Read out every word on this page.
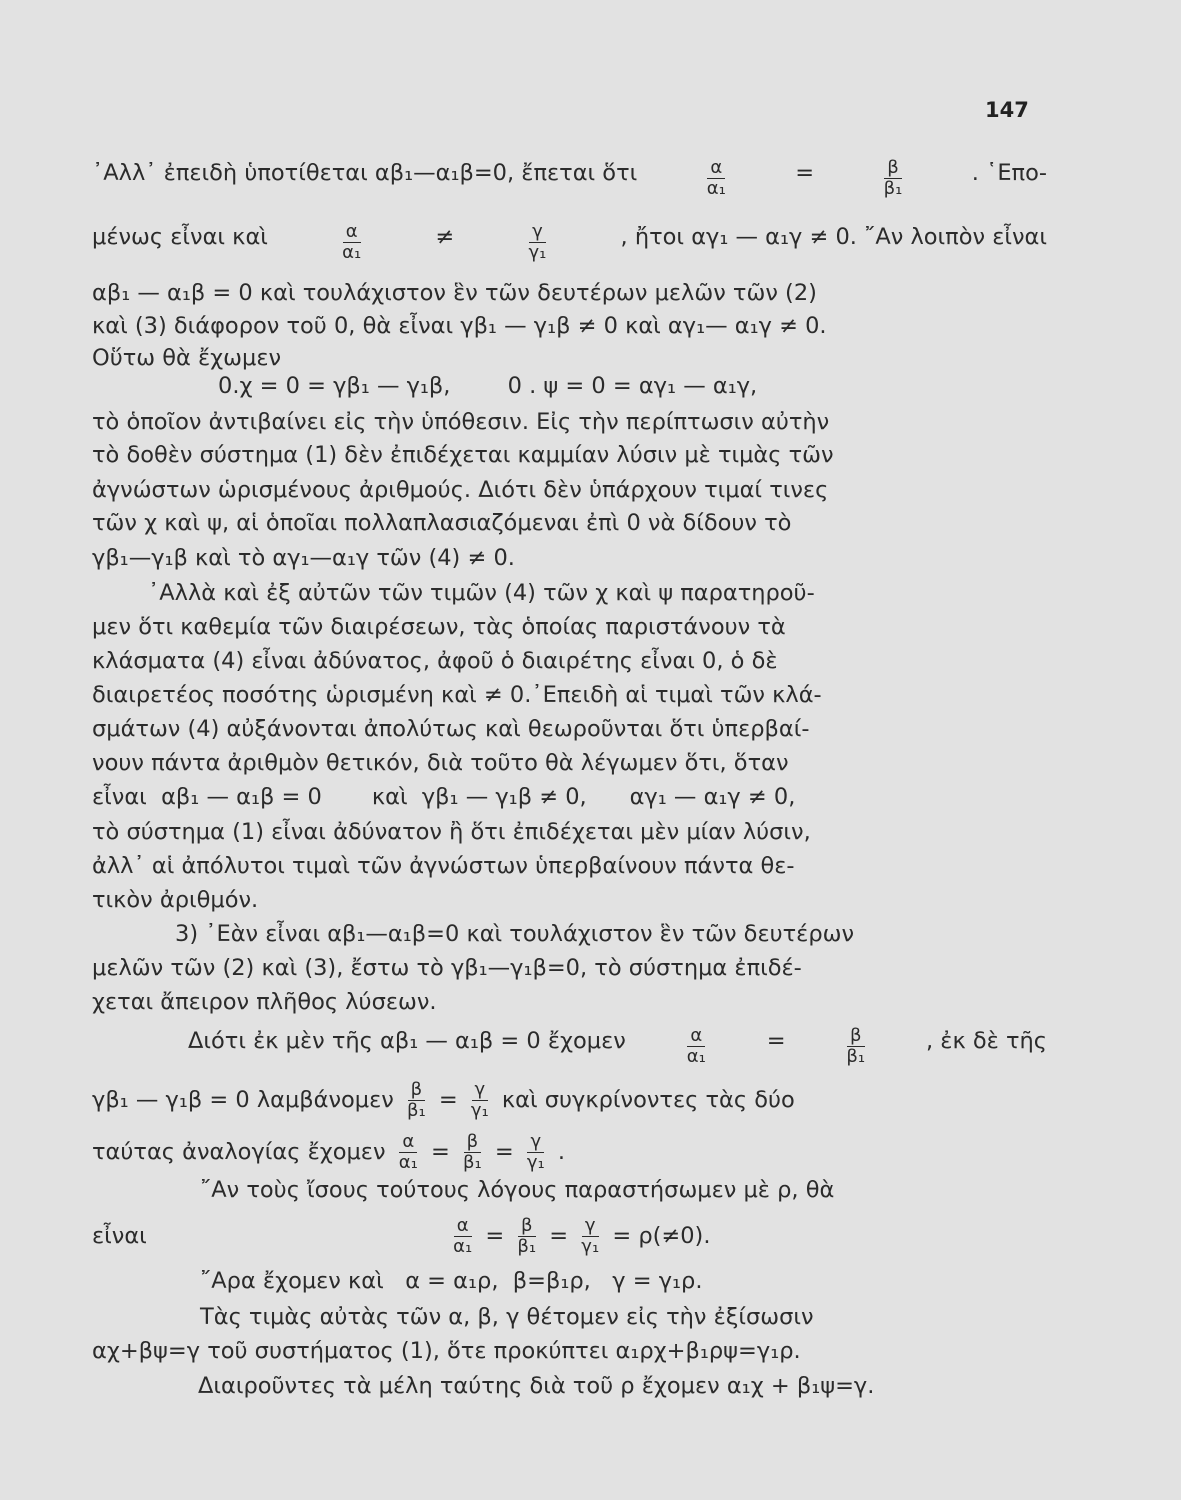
147
᾿Αλλ᾿ ἐπειδὴ ὑποτίθεται αβ₁—α₁β=0, ἔπεται ὅτι	$\frac{\alpha}{\text{α₁}}$	=	$\frac{\beta}{\text{β₁}}$	. ῾Επο-
μένως εἶναι καὶ	$\frac{\alpha}{\text{α₁}}$	≠	$\frac{\gamma}{\text{γ₁}}$	, ἤτοι αγ₁ — α₁γ ≠ 0. ῎Αν λοιπὸν εἶναι
αβ₁ — α₁β = 0 καὶ τουλάχιστον ἓν τῶν δευτέρων μελῶν τῶν (2)
καὶ (3) διάφορον τοῦ 0, θὰ εἶναι γβ₁ — γ₁β ≠ 0 καὶ αγ₁— α₁γ ≠ 0.
Οὕτω θὰ ἔχωμεν
0.χ = 0 = γβ₁ — γ₁β,        0 . ψ = 0 = αγ₁ — α₁γ,
τὸ ὁποῖον ἀντιβαίνει εἰς τὴν ὑπόθεσιν. Εἰς τὴν περίπτωσιν αὐτὴν
τὸ δοθὲν σύστημα (1) δὲν ἐπιδέχεται καμμίαν λύσιν μὲ τιμὰς τῶν
ἀγνώστων ὡρισμένους ἀριθμούς. Διότι δὲν ὑπάρχουν τιμαί τινες
τῶν χ καὶ ψ, αἱ ὁποῖαι πολλαπλασιαζόμεναι ἐπὶ 0 νὰ δίδουν τὸ
γβ₁—γ₁β καὶ τὸ αγ₁—α₁γ τῶν (4) ≠ 0.
᾿Αλλὰ καὶ ἐξ αὐτῶν τῶν τιμῶν (4) τῶν χ καὶ ψ παρατηροῦ-
μεν ὅτι καθεμία τῶν διαιρέσεων, τὰς ὁποίας παριστάνουν τὰ
κλάσματα (4) εἶναι ἀδύνατος, ἀφοῦ ὁ διαιρέτης εἶναι 0, ὁ δὲ
διαιρετέος ποσότης ὡρισμένη καὶ ≠ 0.᾿Επειδὴ αἱ τιμαὶ τῶν κλά-
σμάτων (4) αὐξάνονται ἀπολύτως καὶ θεωροῦνται ὅτι ὑπερβαί-
νουν πάντα ἀριθμὸν θετικόν, διὰ τοῦτο θὰ λέγωμεν ὅτι, ὅταν
εἶναι  αβ₁ — α₁β = 0       καὶ  γβ₁ — γ₁β ≠ 0,      αγ₁ — α₁γ ≠ 0,
τὸ σύστημα (1) εἶναι ἀδύνατον ἢ ὅτι ἐπιδέχεται μὲν μίαν λύσιν,
ἀλλ᾿ αἱ ἀπόλυτοι τιμαὶ τῶν ἀγνώστων ὑπερβαίνουν πάντα θε-
τικὸν ἀριθμόν.
3) ᾿Εὰν εἶναι αβ₁—α₁β=0 καὶ τουλάχιστον ἓν τῶν δευτέρων
μελῶν τῶν (2) καὶ (3), ἔστω τὸ γβ₁—γ₁β=0, τὸ σύστημα ἐπιδέ-
χεται ἄπειρον πλῆθος λύσεων.
Διότι ἐκ μὲν τῆς αβ₁ — α₁β = 0 ἔχομεν	$\frac{\alpha}{\text{α₁}}$	=	$\frac{\beta}{\text{β₁}}$	, ἐκ δὲ τῆς
γβ₁ — γ₁β = 0 λαμβάνομεν $\frac{\beta}{\text{β₁}} = \frac{\gamma}{\text{γ₁}}$ καὶ συγκρίνοντες τὰς δύο
ταύτας ἀναλογίας ἔχομεν $\frac{\alpha}{\text{α₁}} = \frac{\beta}{\text{β₁}} = \frac{\gamma}{\text{γ₁}}$ .
῎Αν τοὺς ἴσους τούτους λόγους παραστήσωμεν μὲ ρ, θὰ
εἶναι	$\frac{\alpha}{\text{α₁}} = \frac{\beta}{\text{β₁}} = \frac{\gamma}{\text{γ₁}} = \rho(\ne 0)$.
῎Αρα ἔχομεν καὶ   α = α₁ρ,  β=β₁ρ,   γ = γ₁ρ.
Τὰς τιμὰς αὐτὰς τῶν α, β, γ θέτομεν εἰς τὴν ἐξίσωσιν
αχ+βψ=γ τοῦ συστήματος (1), ὅτε προκύπτει α₁ρχ+β₁ρψ=γ₁ρ.
Διαιροῦντες τὰ μέλη ταύτης διὰ τοῦ ρ ἔχομεν α₁χ + β₁ψ=γ.
